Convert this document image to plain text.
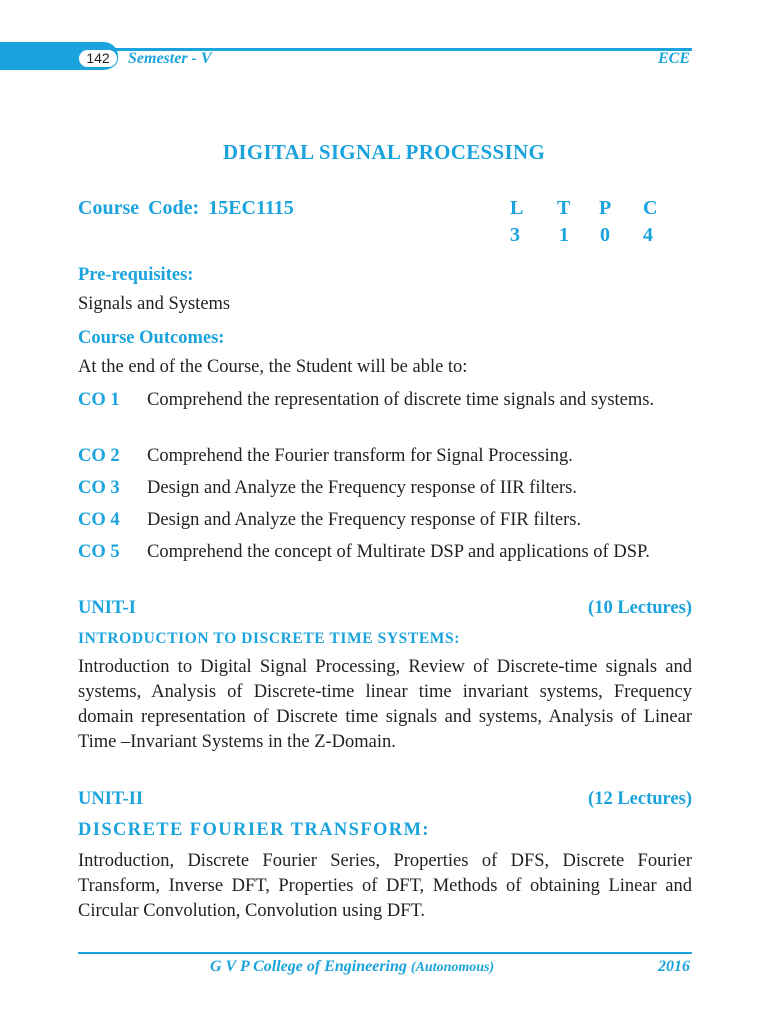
142	Semester - V	ECE
DIGITAL SIGNAL PROCESSING
Course Code: 15EC1115	L T P C
3 1 0 4
Pre-requisites:
Signals and Systems
Course Outcomes:
At the end of the Course, the Student will be able to:
CO 1 Comprehend the representation of discrete time signals and systems.
CO 2 Comprehend the Fourier transform for Signal Processing.
CO 3 Design and Analyze the Frequency response of IIR filters.
CO 4 Design and Analyze the Frequency response of FIR filters.
CO 5 Comprehend the concept of Multirate DSP and applications of DSP.
UNIT-I	(10 Lectures)
INTRODUCTION TO DISCRETE TIME SYSTEMS:
Introduction to Digital Signal Processing, Review of Discrete-time signals and systems, Analysis of Discrete-time linear time invariant systems, Frequency domain representation of Discrete time signals and systems, Analysis of Linear Time –Invariant Systems in the Z-Domain.
UNIT-II	(12 Lectures)
DISCRETE FOURIER TRANSFORM:
Introduction, Discrete Fourier Series, Properties of DFS, Discrete Fourier Transform, Inverse DFT, Properties of DFT, Methods of obtaining Linear and Circular Convolution, Convolution using DFT.
G V P College of Engineering (Autonomous)	2016
